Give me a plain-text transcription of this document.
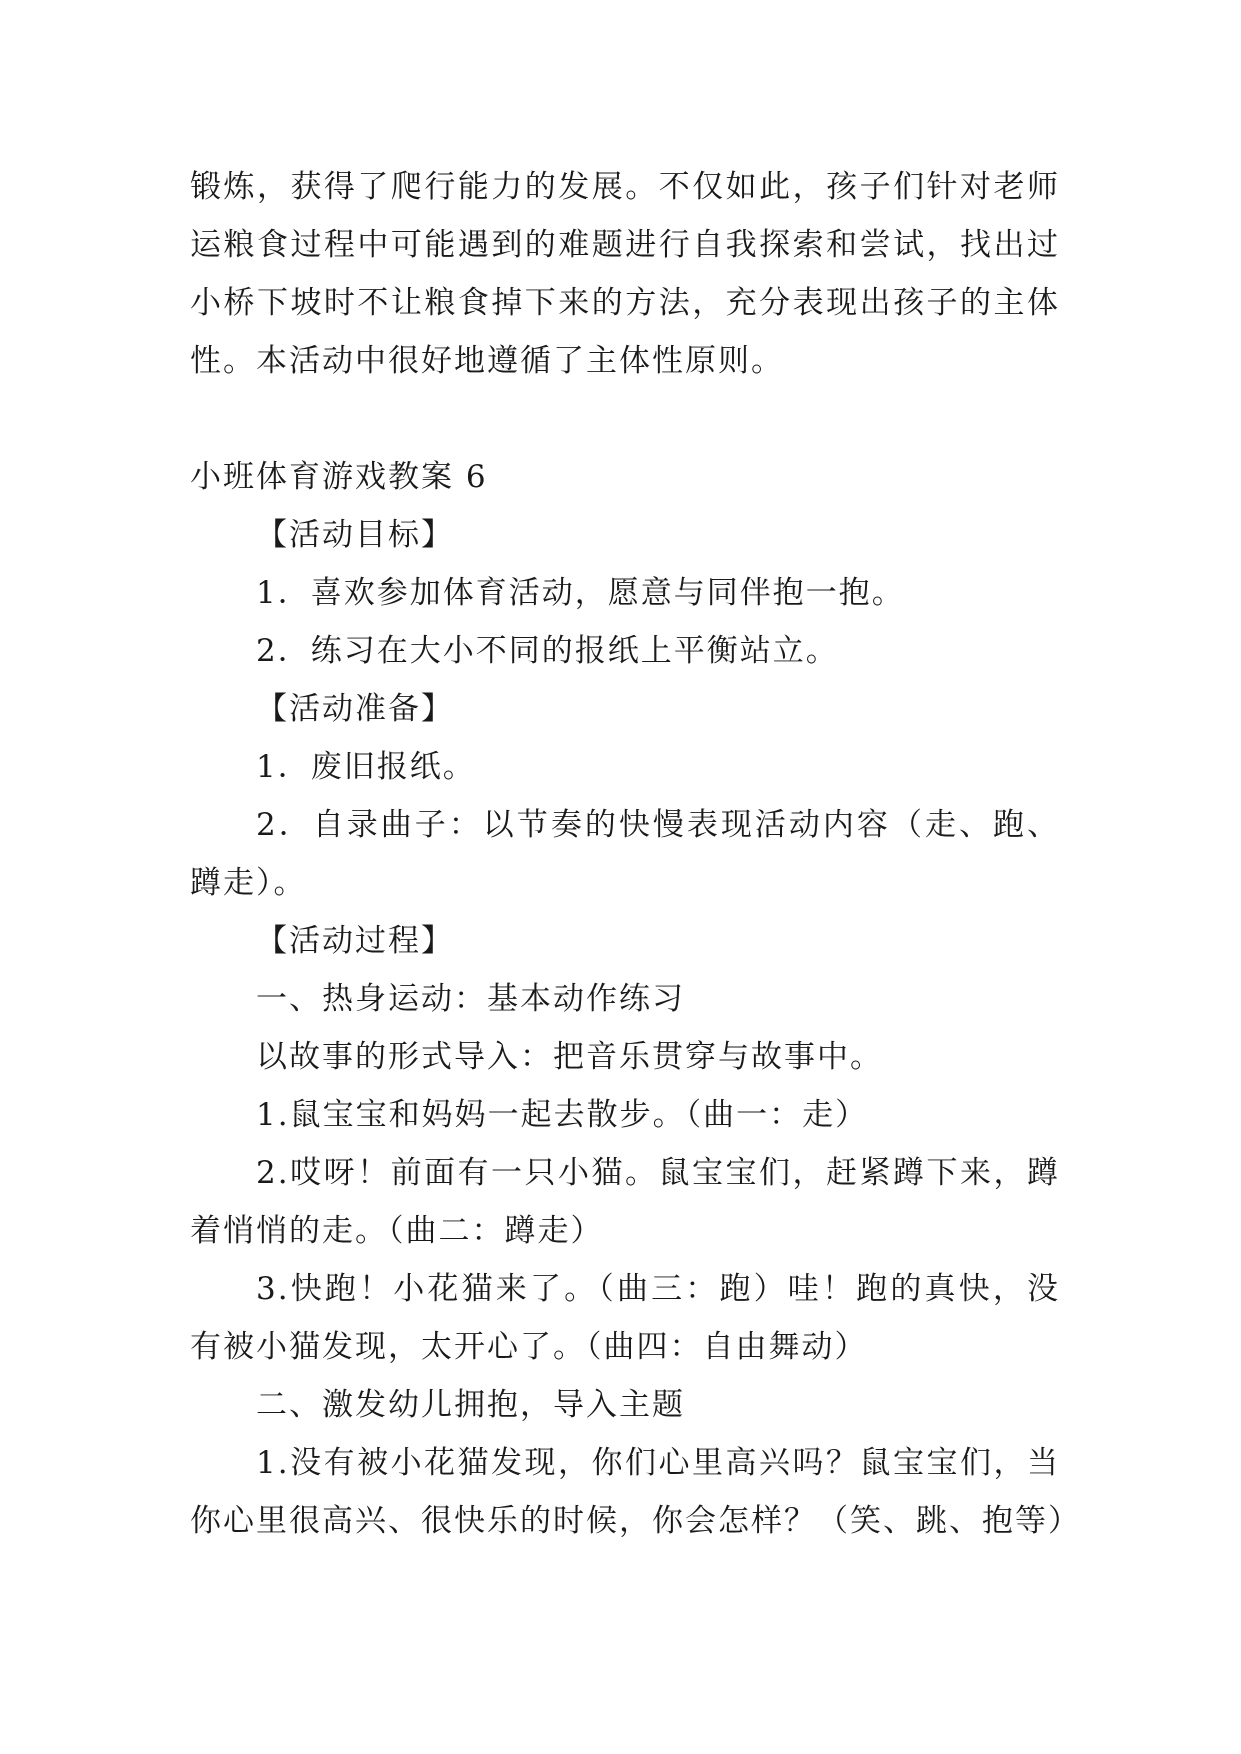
锻炼，获得了爬行能力的发展。不仅如此，孩子们针对老师
运粮食过程中可能遇到的难题进行自我探索和尝试，找出过
小桥下坡时不让粮食掉下来的方法，充分表现出孩子的主体
性。本活动中很好地遵循了主体性原则。
小班体育游戏教案 6
【活动目标】
1．喜欢参加体育活动，愿意与同伴抱一抱。
2．练习在大小不同的报纸上平衡站立。
【活动准备】
1．废旧报纸。
2．自录曲子：以节奏的快慢表现活动内容（走、跑、
蹲走）。
【活动过程】
一、热身运动：基本动作练习
以故事的形式导入：把音乐贯穿与故事中。
1.鼠宝宝和妈妈一起去散步。（曲一：走）
2.哎呀！前面有一只小猫。鼠宝宝们，赶紧蹲下来，蹲
着悄悄的走。（曲二：蹲走）
3.快跑！小花猫来了。（曲三：跑）哇！跑的真快，没
有被小猫发现，太开心了。（曲四：自由舞动）
二、激发幼儿拥抱，导入主题
1.没有被小花猫发现，你们心里高兴吗？鼠宝宝们，当
你心里很高兴、很快乐的时候，你会怎样？（笑、跳、抱等）
